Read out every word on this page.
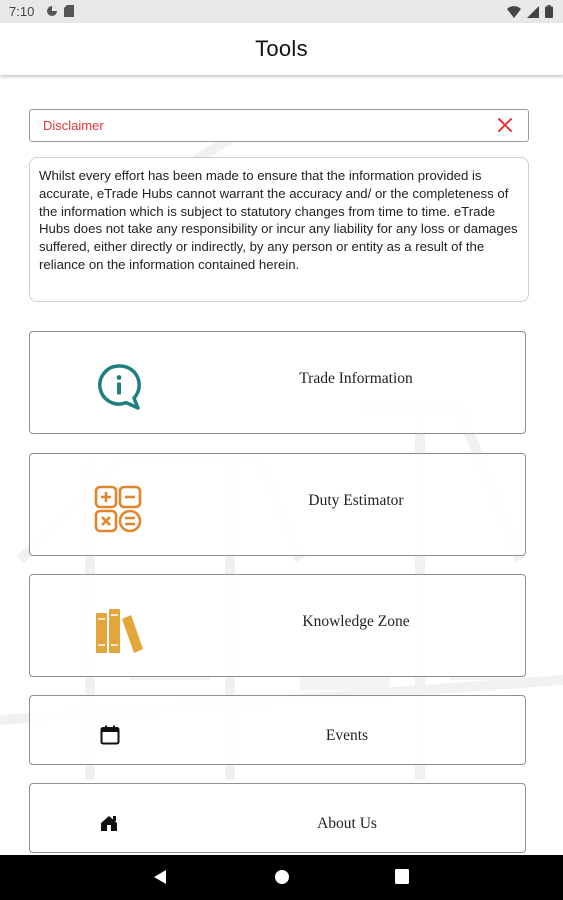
7:10
Tools
Disclaimer
Whilst every effort has been made to ensure that the information provided is accurate, eTrade Hubs cannot warrant the accuracy and/ or the completeness of the information which is subject to statutory changes from time to time. eTrade Hubs does not take any responsibility or incur any liability for any loss or damages suffered, either directly or indirectly, by any person or entity as a result of the reliance on the information contained herein.
Trade Information
Duty Estimator
Knowledge Zone
Events
About Us
